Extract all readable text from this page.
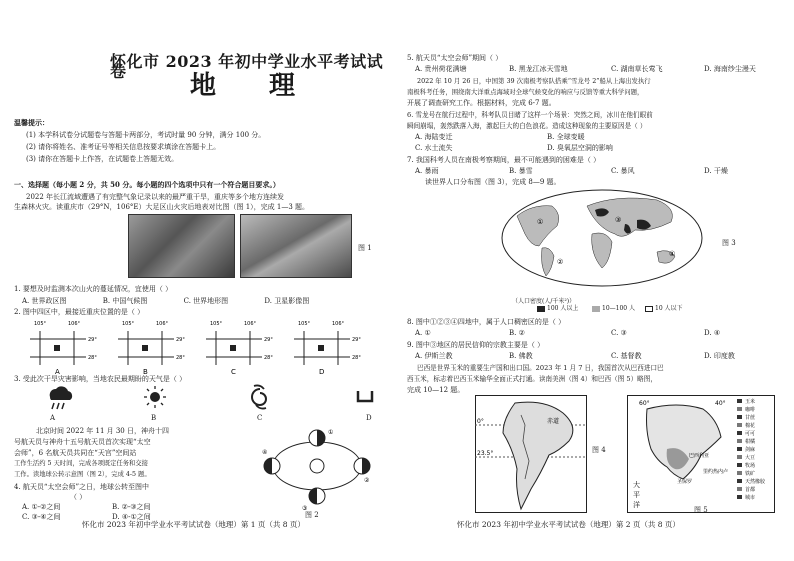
怀化市 2023 年初中学业水平考试试卷	地 理
温馨提示：
(1) 本学科试卷分试题卷与答题卡两部分，考试时量 90 分钟，满分 100 分。
(2) 请你将姓名、准考证号等相关信息按要求填涂在答题卡上。
(3) 请你在答题卡上作答，在试题卷上答题无效。
一、选择题（每小题 2 分，共 50 分。每小题的四个选项中只有一个符合题目要求。）
2022 年长江流域遭遇了有完整气象记录以来的最严重干旱，重庆等多个地方连续发
生森林火灾。读重庆市（29°N，106°E）大足区山火灾后地表对比图（图 1），完成 1—3 题。
图 1
1. 要想及时监测本次山火的蔓延情况，宜使用（ ）
A. 世界政区图	B. 中国气候图	C. 世界地形图	D. 卫星影像图
2. 图中四区中，最接近重庆位置的是（ ）
105°	106°
29°
28°
A
105°	106°
29°
28°
B
105°	106°
29°
28°
C
105°	106°
29°
28°
D
3. 受此次干旱灾害影响，当地农民最期盼的天气是（ ）
A	B	C	D
北京时间 2022 年 11 月 30 日，神舟十四
号航天员与神舟十五号航天员首次实现“太空
会师”，6 名航天员共同在“天宫”空间站
工作生活约 5 天时间，完成各项既定任务和交接
工作。读地球公转示意图（图 2），完成 4-5 题。
4. 航天员“太空会师”之日，地球公转至图中
（ ）
A. ①-②之间	B. ②-③之间
C. ③-④之间	D. ④-①之间
①
②
③
④
图 2
怀化市 2023 年初中学业水平考试试卷（地理）第 1 页（共 8 页）
5. 航天员“太空会师”期间（ ）
A. 贵州荷花满塘	B. 黑龙江冰天雪地	C. 湖南草长莺飞	D. 海南纱尘漫天
2022 年 10 月 26 日，中国第 39 次南极考察队搭乘“雪龙号 2”船从上海出发执行
南极科考任务，围绕南大洋重点海域对全球气候变化的响应与反馈等重大科学问题，
开展了调查研究工作。根据材料，完成 6-7 题。
6. 雪龙号在航行过程中，科考队员目睹了这样一个场景：突然之间，冰川在他们眼前
瞬间崩塌，轰然跌落入海，激起巨大的白色浪花。造成这种现象的主要原因是（ ）
A. 海陆变迁	B. 全球变暖
C. 水土流失	D. 臭氧层空洞的影响
7. 我国科考人员在南极考察期间，最不可能遇到的困难是（ ）
A. 暴雨	B. 暴雪	C. 暴风	D. 干燥
读世界人口分布图（图 3），完成 8—9 题。
①
②
③
④
图 3
（人口密度(人/千米²)）
100 人以上	10—100 人	10 人以下
8. 图中①②③④四地中，属于人口稠密区的是（ ）
A. ①	B. ②	C. ③	D. ④
9. 图中③地区的居民信仰的宗教主要是（ ）
A. 伊斯兰教	B. 佛教	C. 基督教	D. 印度教
巴西是世界玉米的重要生产国和出口国。2023 年 1 月 7 日，我国首次从巴西进口巴
西玉米，标志着巴西玉米输华全面正式打通。读南美洲（图 4）和巴西（图 5）略图，
完成 10—12 题。
0°
23.5°
赤道
图 4
60°	40°
大
平
洋
巴西利亚
里约热内卢
圣保罗
玉米
咖啡
甘蔗
棉花
可可
柑橘
剑麻
大豆
牧场
铁矿
天然橡胶
首都
城市
图 5
怀化市 2023 年初中学业水平考试试卷（地理）第 2 页（共 8 页）
